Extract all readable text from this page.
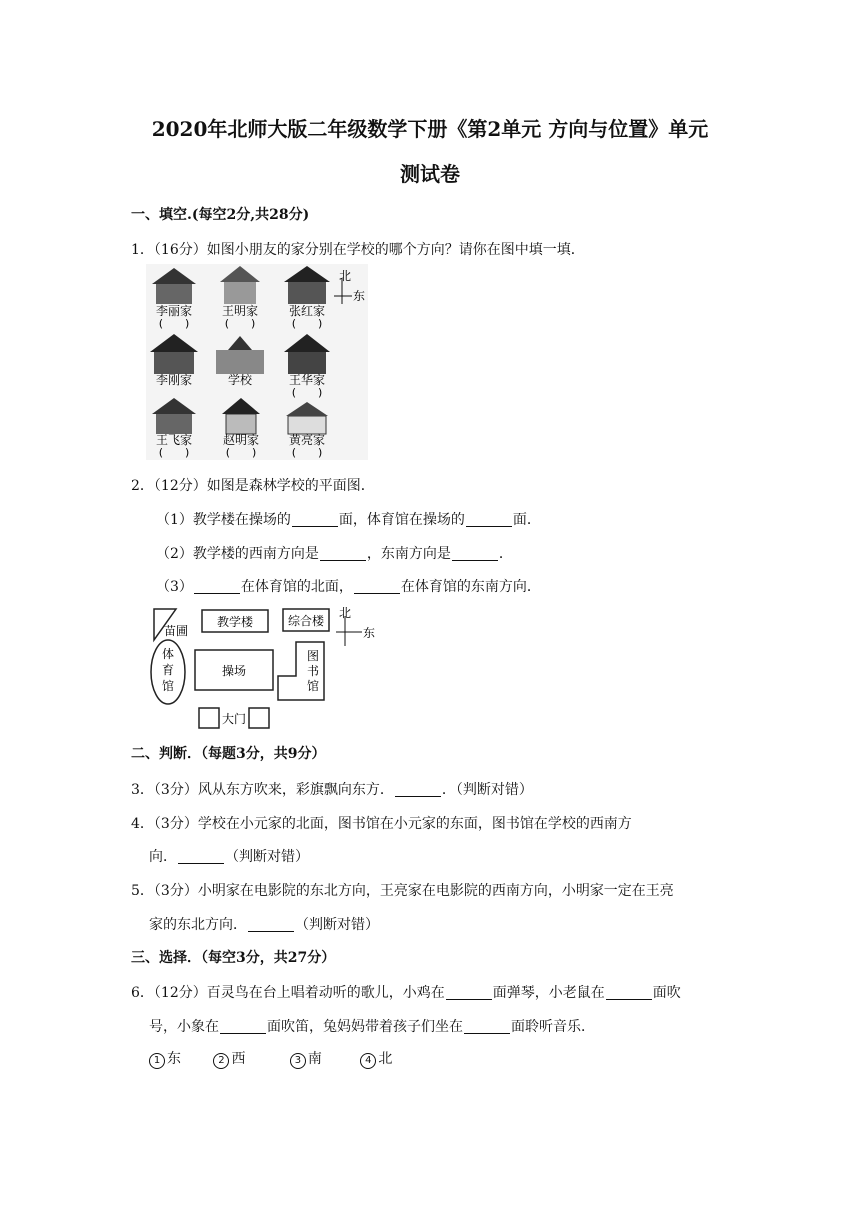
2020年北师大版二年级数学下册《第2单元 方向与位置》单元
测试卷
一、填空.(每空2分,共28分)
1．（16分）如图小朋友的家分别在学校的哪个方向？请你在图中填一填．
李丽家
(　　)
王明家
(　　)
张红家
(　　)
北
东
李刚家	学校	王华家
(　　)
王飞家
(　　)
赵明家
(　　)
黄亮家
(　　)
2．（12分）如图是森林学校的平面图．
（1）教学楼在操场的	面，体育馆在操场的	面．
（2）教学楼的西南方向是	，东南方向是	．
（3）	在体育馆的北面，	在体育馆的东南方向．
苗圃
教学楼	综合楼
北
东
体
育
馆
操场
图
书
馆
大门
二、判断．（每题3分，共9分）
3．（3分）风从东方吹来，彩旗飘向东方．	．（判断对错）
4．（3分）学校在小元家的北面，图书馆在小元家的东面，图书馆在学校的西南方
向．	（判断对错）
5．（3分）小明家在电影院的东北方向，王亮家在电影院的西南方向，小明家一定在王亮
家的东北方向．	（判断对错）
三、选择．（每空3分，共27分）
6．（12分）百灵鸟在台上唱着动听的歌儿，小鸡在	面弹琴，小老鼠在	面吹
号，小象在	面吹笛，兔妈妈带着孩子们坐在	面聆听音乐．
1 东	2 西	3 南	4 北
